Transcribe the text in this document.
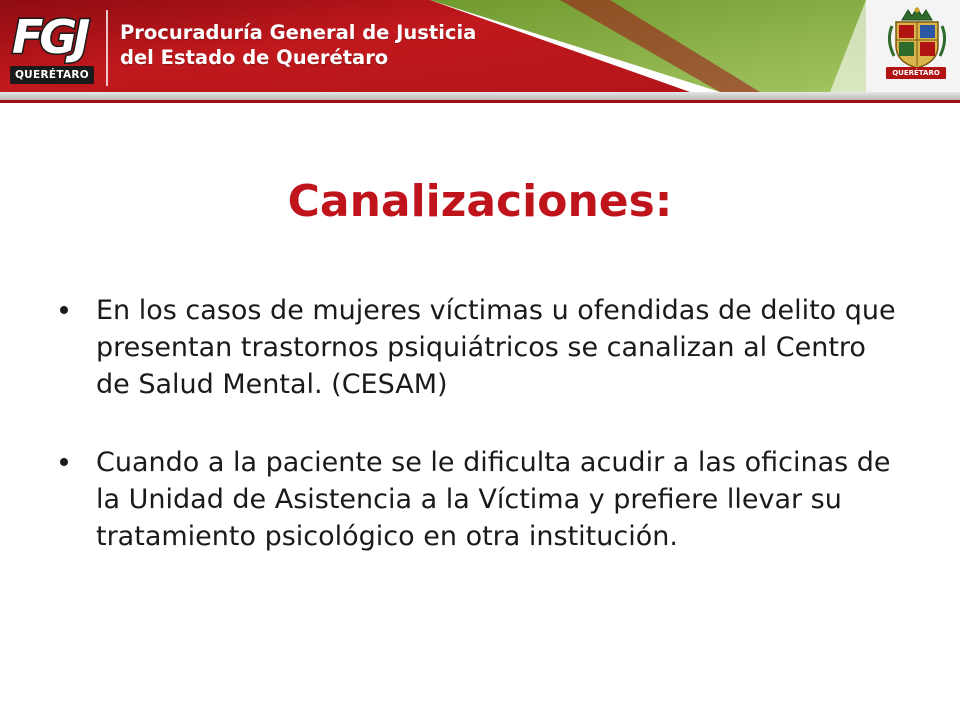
FGJ
QUERÉTARO
Procuraduría General de Justicia
del Estado de Querétaro
QUERÉTARO
Canalizaciones:
En los casos de mujeres víctimas u ofendidas de delito que presentan trastornos psiquiátricos se canalizan al Centro de Salud Mental. (CESAM)
Cuando a la paciente se le dificulta acudir a las oficinas de la Unidad de Asistencia a la Víctima y prefiere llevar su tratamiento psicológico en otra institución.
